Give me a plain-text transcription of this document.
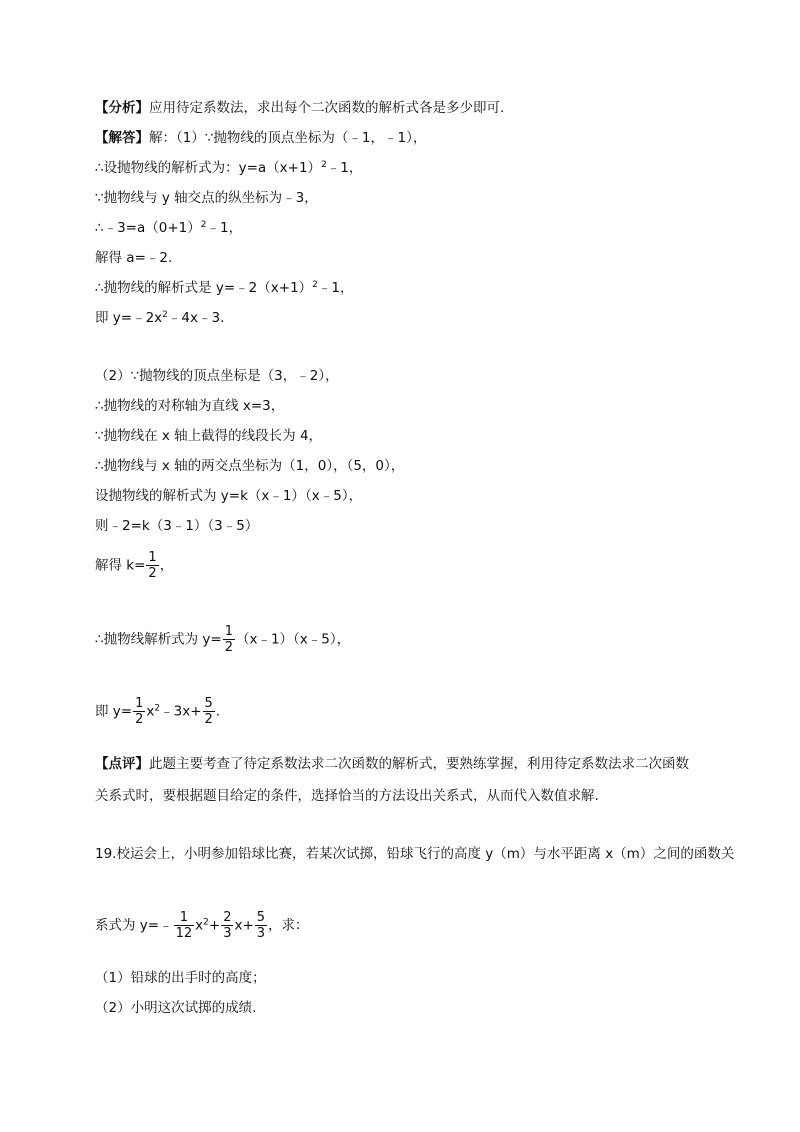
【分析】应用待定系数法，求出每个二次函数的解析式各是多少即可.
【解答】解：（1）∵抛物线的顶点坐标为（﹣1，﹣1），
∴设抛物线的解析式为：$y=a(x+1)^2﹣1$，
∵抛物线与 y 轴交点的纵坐标为﹣3，
$\therefore﹣3=a(0+1)^2﹣1$，
解得 a=﹣2.
∴抛物线的解析式是 $y=﹣2(x+1)^2﹣1$，
即 $y=﹣2x^2﹣4x﹣3$.
（2）∵抛物线的顶点坐标是（3，﹣2），
∴抛物线的对称轴为直线 x=3，
∵抛物线在 x 轴上截得的线段长为 4，
∴抛物线与 x 轴的两交点坐标为（1，0），（5，0），
设抛物线的解析式为 y=k（x﹣1）（x﹣5），
则﹣2=k（3﹣1）（3﹣5）
解得 $k= \frac{1}{2}$ ，
∴抛物线解析式为 $y= \frac{1}{2}$ （x﹣1）（x﹣5），
即 $y= \frac{1}{2}$ $x^2﹣3x+ \frac{5}{2}$ .
【点评】此题主要考查了待定系数法求二次函数的解析式，要熟练掌握，利用待定系数法求二次函数
关系式时，要根据题目给定的条件，选择恰当的方法设出关系式，从而代入数值求解.
19.校运会上，小明参加铅球比赛，若某次试掷，铅球飞行的高度 y（m）与水平距离 x（m）之间的函数关
系式为 y=﹣ $\frac{1}{12} x^2+ \frac{2}{3} x+ \frac{5}{3}$ ，求：
（1）铅球的出手时的高度；
（2）小明这次试掷的成绩.
